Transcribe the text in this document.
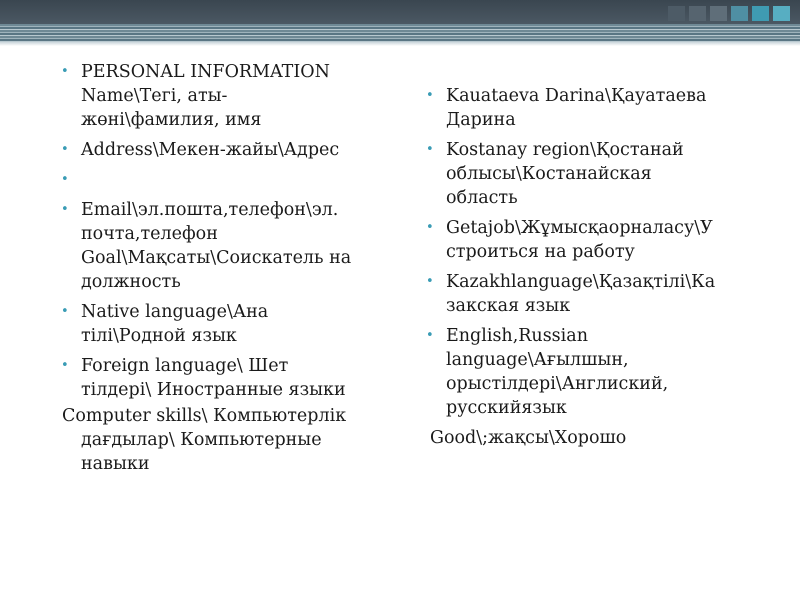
• PERSONAL INFORMATION
Name\Тегі, аты-
жөні\фамилия, имя
• Address\Мекен-жайы\Адрес
•

• Email\эл.пошта,телефон\эл.
почта,телефон
Goal\Мақсаты\Соискатель на
должность
• Native language\Ана
тілі\Родной язык
• Foreign language\ Шет
тілдері\ Иностранные языки
Computer skills\ Компьютерлік
дағдылар\ Компьютерные
навыки
• Kauataeva Darina\Қауатаева
Дарина
• Kostanay region\Қостанай
облысы\Костанайская
область
• Getajob\Жұмысқаорналасу\У
строиться на работу
• Kazakhlanguage\Қазақтілі\Ка
закская язык
• English,Russian
language\Ағылшын,
орыстілдері\Англиский,
русскийязык
Good\;жақсы\Хорошо
